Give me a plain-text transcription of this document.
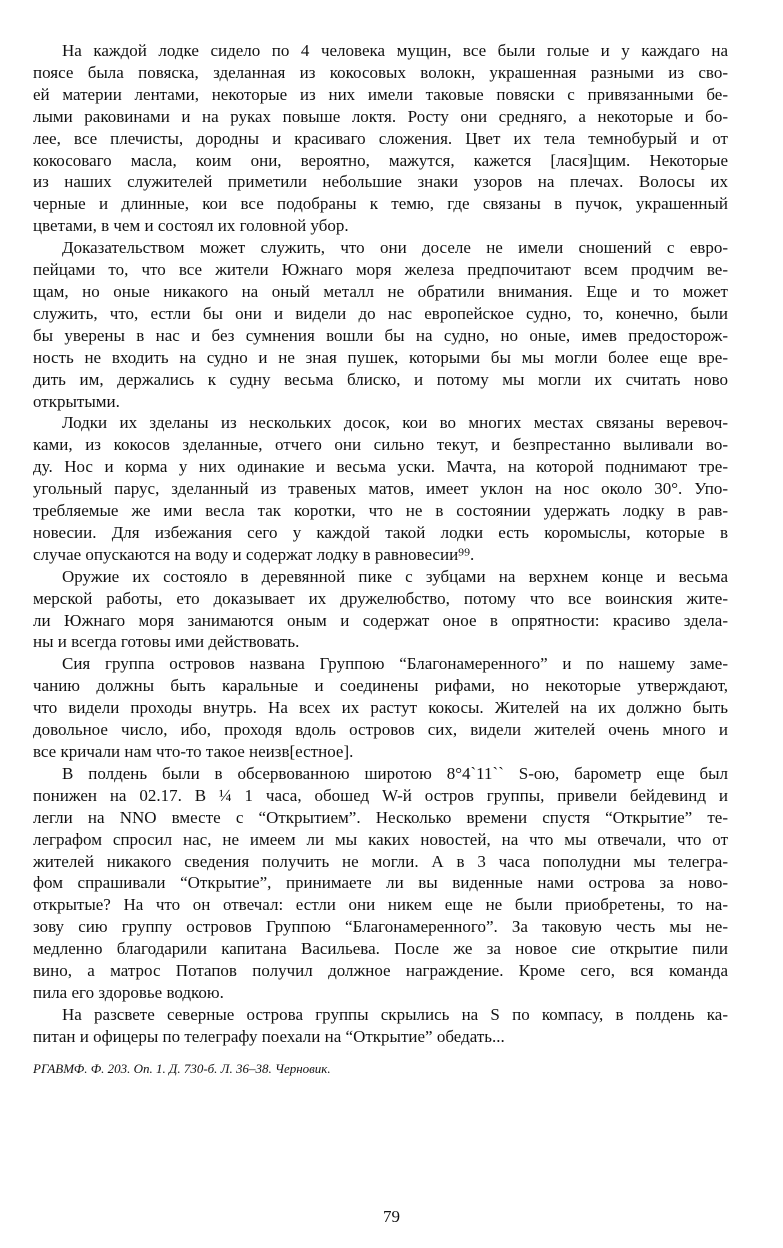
На каждой лодке сидело по 4 человека мущин, все были голые и у каждаго на
поясе была повяска, зделанная из кокосовых волокн, украшенная разными из сво-
ей материи лентами, некоторые из них имели таковые повяски с привязанными бе-
лыми раковинами и на руках повыше локтя. Росту они средняго, а некоторые и бо-
лее, все плечисты, дородны и красиваго сложения. Цвет их тела темнобурый и от
кокосоваго масла, коим они, вероятно, мажутся, кажется [лася]щим. Некоторые
из наших служителей приметили небольшие знаки узоров на плечах. Волосы их
черные и длинные, кои все подобраны к темю, где связаны в пучок, украшенный
цветами, в чем и состоял их головной убор.
Доказательством может служить, что они доселе не имели сношений с евро-
пейцами то, что все жители Южнаго моря железа предпочитают всем продчим ве-
щам, но оные никакого на оный металл не обратили внимания. Еще и то может
служить, что, естли бы они и видели до нас европейское судно, то, конечно, были
бы уверены в нас и без сумнения вошли бы на судно, но оные, имев предосторож-
ность не входить на судно и не зная пушек, которыми бы мы могли более еще вре-
дить им, держались к судну весьма блиско, и потому мы могли их считать ново
открытыми.
Лодки их зделаны из нескольких досок, кои во многих местах связаны веревоч-
ками, из кокосов зделанные, отчего они сильно текут, и безпрестанно выливали во-
ду. Нос и корма у них одинакие и весьма уски. Мачта, на которой поднимают тре-
угольный парус, зделанный из травеных матов, имеет уклон на нос около 30°. Упо-
требляемые же ими весла так коротки, что не в состоянии удержать лодку в рав-
новесии. Для избежания сего у каждой такой лодки есть коромыслы, которые в
случае опускаются на воду и содержат лодку в равновесии⁹⁹.
Оружие их состояло в деревянной пике с зубцами на верхнем конце и весьма
мерской работы, ето доказывает их дружелюбство, потому что все воинския жите-
ли Южнаго моря занимаются оным и содержат оное в опрятности: красиво здела-
ны и всегда готовы ими действовать.
Сия группа островов названа Группою “Благонамеренного” и по нашему заме-
чанию должны быть каральные и соединены рифами, но некоторые утверждают,
что видели проходы внутрь. На всех их растут кокосы. Жителей на их должно быть
довольное число, ибо, проходя вдоль островов сих, видели жителей очень много и
все кричали нам что-то такое неизв[естное].
В полдень были в обсервованною широтою 8°4`11`` S-ою, барометр еще был
понижен на 02.17. В ¼ 1 часа, обошед W-й остров группы, привели бейдевинд и
легли на NNO вместе с “Открытием”. Несколько времени спустя “Открытие” те-
леграфом спросил нас, не имеем ли мы каких новостей, на что мы отвечали, что от
жителей никакого сведения получить не могли. А в 3 часа пополудни мы телегра-
фом спрашивали “Открытие”, принимаете ли вы виденные нами острова за ново-
открытые? На что он отвечал: естли они никем еще не были приобретены, то на-
зову сию группу островов Группою “Благонамеренного”. За таковую честь мы не-
медленно благодарили капитана Васильева. После же за новое сие открытие пили
вино, а матрос Потапов получил должное награждение. Кроме сего, вся команда
пила его здоровье водкою.
На разсвете северные острова группы скрылись на S по компасу, в полдень ка-
питан и офицеры по телеграфу поехали на “Открытие” обедать...
РГАВМФ. Ф. 203. Оп. 1. Д. 730-б. Л. 36–38. Черновик.
79
